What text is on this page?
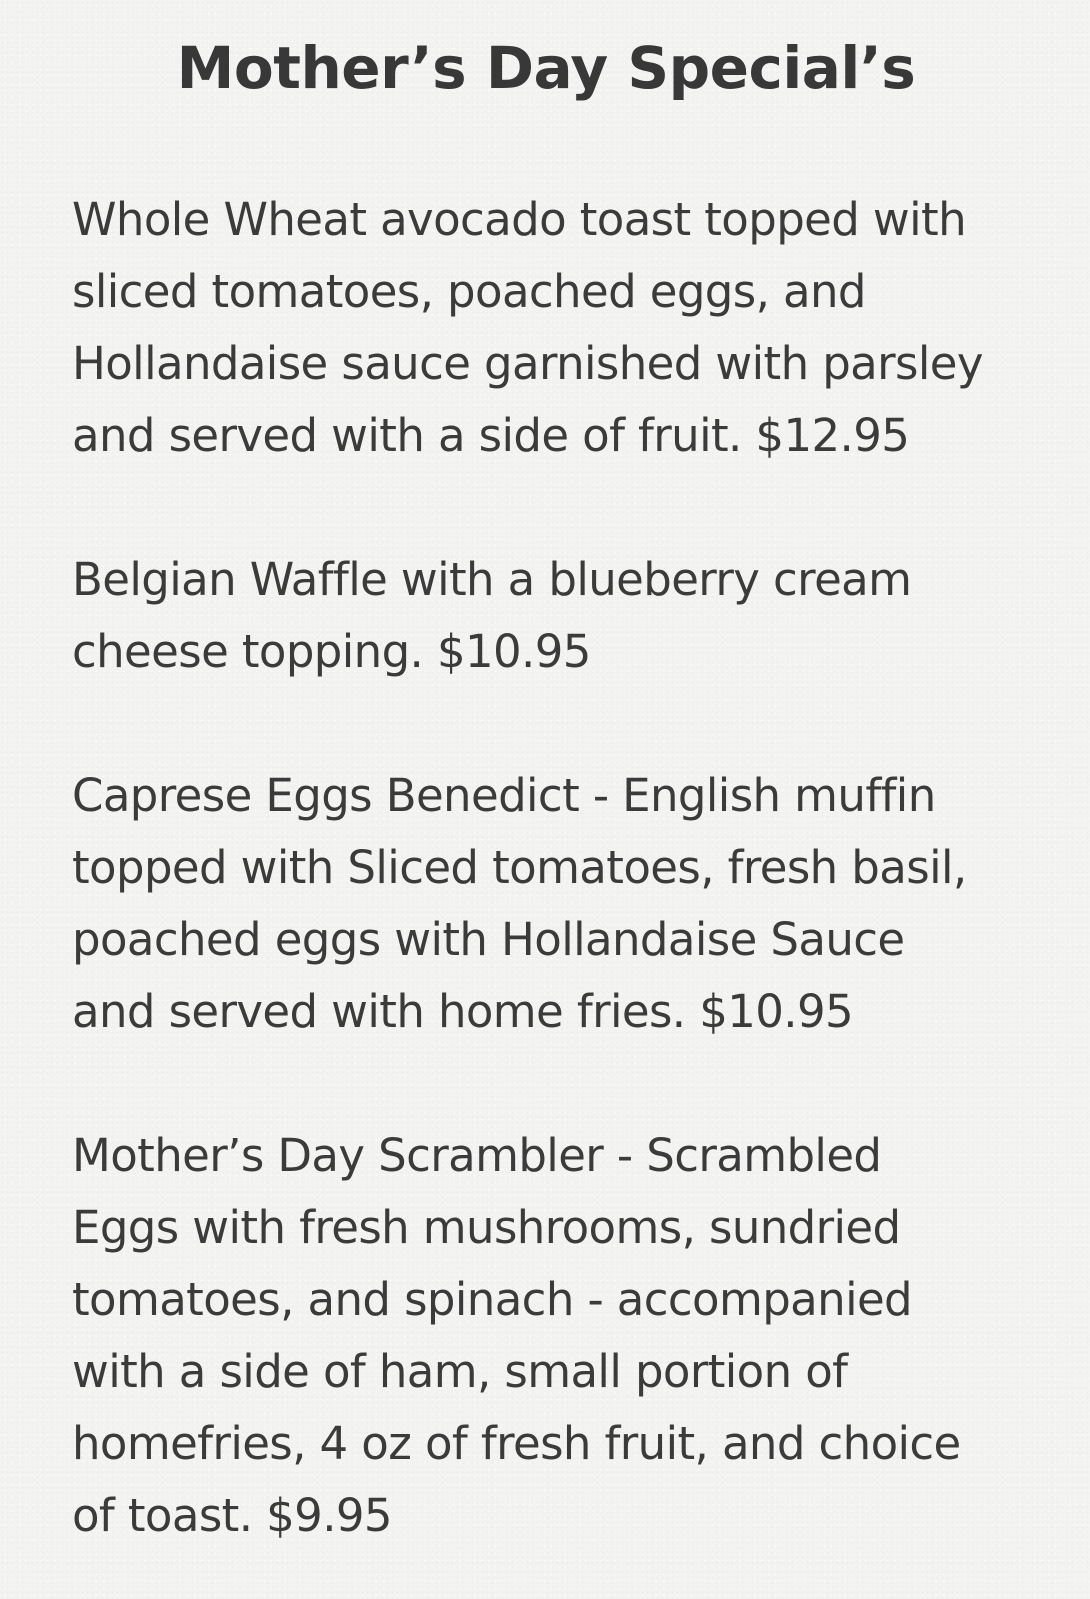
Mother’s Day Special’s

Whole Wheat avocado toast topped with
sliced tomatoes, poached eggs, and
Hollandaise sauce garnished with parsley
and served with a side of fruit. $12.95

Belgian Waffle with a blueberry cream
cheese topping. $10.95

Caprese Eggs Benedict - English muffin
topped with Sliced tomatoes, fresh basil,
poached eggs with Hollandaise Sauce
and served with home fries. $10.95

Mother’s Day Scrambler - Scrambled
Eggs with fresh mushrooms, sundried
tomatoes, and spinach - accompanied
with a side of ham, small portion of
homefries, 4 oz of fresh fruit, and choice
of toast. $9.95
